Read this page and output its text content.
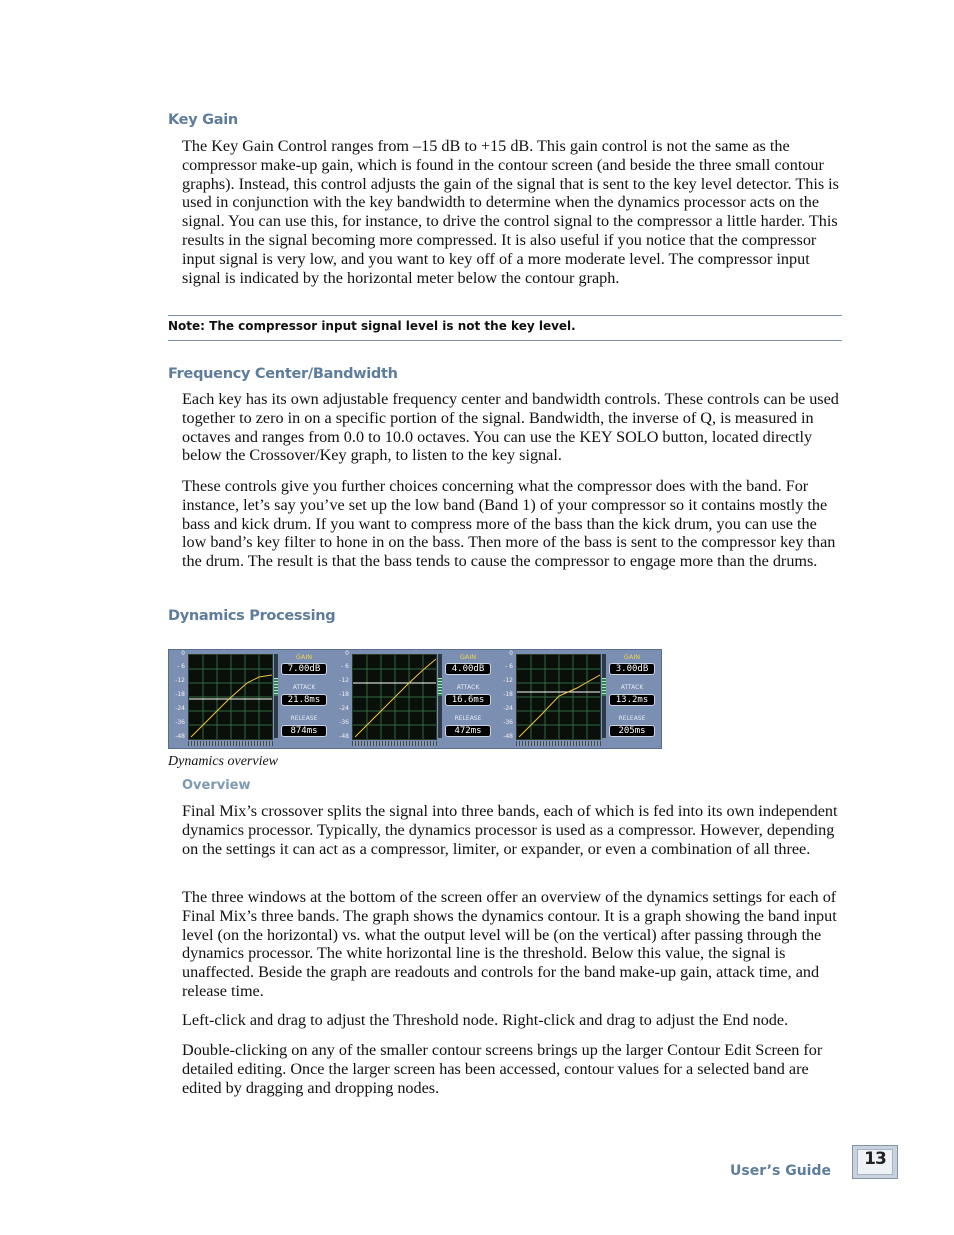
Key Gain

The Key Gain Control ranges from –15 dB to +15 dB. This gain control is not the same as the compressor make-up gain, which is found in the contour screen (and beside the three small contour graphs). Instead, this control adjusts the gain of the signal that is sent to the key level detector. This is used in conjunction with the key bandwidth to determine when the dynamics processor acts on the signal. You can use this, for instance, to drive the control signal to the compressor a little harder. This results in the signal becoming more compressed. It is also useful if you notice that the compressor input signal is very low, and you want to key off of a more moderate level. The compressor input signal is indicated by the horizontal meter below the contour graph.

Note: The compressor input signal level is not the key level.
Frequency Center/Bandwidth

Each key has its own adjustable frequency center and bandwidth controls. These controls can be used together to zero in on a specific portion of the signal. Bandwidth, the inverse of Q, is measured in octaves and ranges from 0.0 to 10.0 octaves. You can use the KEY SOLO button, located directly below the Crossover/Key graph, to listen to the key signal.

These controls give you further choices concerning what the compressor does with the band. For instance, let’s say you’ve set up the low band (Band 1) of your compressor so it contains mostly the bass and kick drum. If you want to compress more of the bass than the kick drum, you can use the low band’s key filter to hone in on the bass. Then more of the bass is sent to the compressor key than the drum. The result is that the bass tends to cause the compressor to engage more than the drums.

Dynamics Processing
0
- 6
-12
-18
-24
-36
-48
GAIN
7.00dB
ATTACK
21.8ms
RELEASE
874ms
0
- 6
-12
-18
-24
-36
-48
GAIN
4.00dB
ATTACK
16.6ms
RELEASE
472ms
0
- 6
-12
-18
-24
-36
-48
GAIN
3.00dB
ATTACK
13.2ms
RELEASE
205ms
Dynamics overview
Overview

Final Mix’s crossover splits the signal into three bands, each of which is fed into its own independent dynamics processor. Typically, the dynamics processor is used as a compressor. However, depending on the settings it can act as a compressor, limiter, or expander, or even a combination of all three.

The three windows at the bottom of the screen offer an overview of the dynamics settings for each of Final Mix’s three bands. The graph shows the dynamics contour. It is a graph showing the band input level (on the horizontal) vs. what the output level will be (on the vertical) after passing through the dynamics processor. The white horizontal line is the threshold. Below this value, the signal is unaffected. Beside the graph are readouts and controls for the band make-up gain, attack time, and release time.

Left-click and drag to adjust the Threshold node. Right-click and drag to adjust the End node.

Double-clicking on any of the smaller contour screens brings up the larger Contour Edit Screen for detailed editing. Once the larger screen has been accessed, contour values for a selected band are edited by dragging and dropping nodes.

User’s Guide
13
